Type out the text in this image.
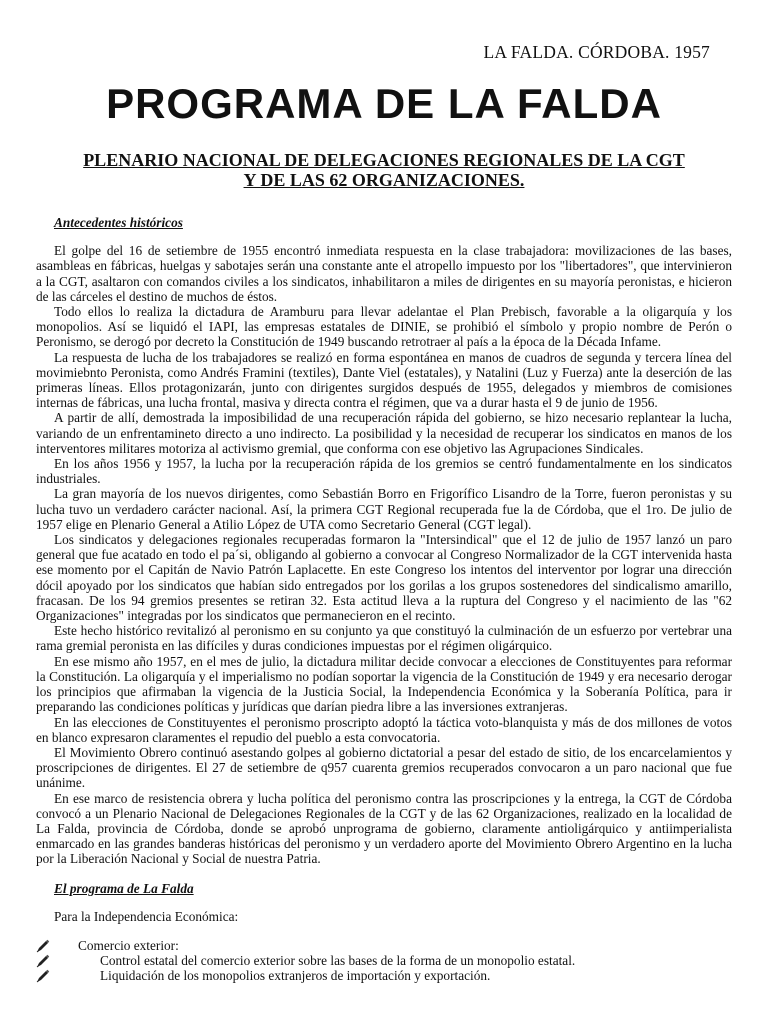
LA FALDA. CÓRDOBA. 1957
PROGRAMA DE LA FALDA
PLENARIO NACIONAL DE DELEGACIONES REGIONALES DE LA CGT
Y DE LAS 62 ORGANIZACIONES.
Antecedentes históricos

El golpe del 16 de setiembre de 1955 encontró inmediata respuesta en la clase trabajadora: movilizaciones de las bases, asambleas en fábricas, huelgas y sabotajes serán una constante ante el atropello impuesto por los "libertadores", que intervinieron a la CGT, asaltaron con comandos civiles a los sindicatos, inhabilitaron a miles de dirigentes en su mayoría peronistas, e hicieron de las cárceles el destino de muchos de éstos.

Todo ellos lo realiza la dictadura de Aramburu para llevar adelantae el Plan Prebisch, favorable a la oligarquía y los monopolios. Así se liquidó el IAPI, las empresas estatales de DINIE, se prohibió el símbolo y propio nombre de Perón o Peronismo, se derogó por decreto la Constitución de 1949 buscando retrotraer al país a la época de la Década Infame.

La respuesta de lucha de los trabajadores se realizó en forma espontánea en manos de cuadros de segunda y tercera línea del movimiebnto Peronista, como Andrés Framini (textiles), Dante Viel (estatales), y Natalini (Luz y Fuerza) ante la deserción de las primeras líneas. Ellos protagonizarán, junto con dirigentes surgidos después de 1955, delegados y miembros de comisiones internas de fábricas, una lucha frontal, masiva y directa contra el régimen, que va a durar hasta el 9 de junio de 1956.

A partir de allí, demostrada la imposibilidad de una recuperación rápida del gobierno, se hizo necesario replantear la lucha, variando de un enfrentamineto directo a uno indirecto. La posibilidad y la necesidad de recuperar los sindicatos en manos de los interventores militares motoriza al activismo gremial, que conforma con ese objetivo las Agrupaciones Sindicales.

En los años 1956 y 1957, la lucha por la recuperación rápida de los gremios se centró fundamentalmente en los sindicatos industriales.

La gran mayoría de los nuevos dirigentes, como Sebastián Borro en Frigorífico Lisandro de la Torre, fueron peronistas y su lucha tuvo un verdadero carácter nacional. Así, la primera CGT Regional recuperada fue la de Córdoba, que el 1ro. De julio de 1957 elige en Plenario General a Atilio López de UTA como Secretario General (CGT legal).

Los sindicatos y delegaciones regionales recuperadas formaron la "Intersindical" que el 12 de julio de 1957 lanzó un paro general que fue acatado en todo el pa´si, obligando al gobierno a convocar al Congreso Normalizador de la CGT intervenida hasta ese momento por el Capitán de Navio Patrón Laplacette. En este Congreso los intentos del interventor por lograr una dirección dócil apoyado por los sindicatos que habían sido entregados por los gorilas a los grupos sostenedores del sindicalismo amarillo, fracasan. De los 94 gremios presentes se retiran 32. Esta actitud lleva a la ruptura del Congreso y el nacimiento de las "62 Organizaciones" integradas por los sindicatos que permanecieron en el recinto.

Este hecho histórico revitalizó al peronismo en su conjunto ya que constituyó la culminación de un esfuerzo por vertebrar una rama gremial peronista en las difíciles y duras condiciones impuestas por el régimen oligárquico.

En ese mismo año 1957, en el mes de julio, la dictadura militar decide convocar a elecciones de Constituyentes para reformar la Constitución. La oligarquía y el imperialismo no podían soportar la vigencia de la Constitución de 1949 y era necesario derogar los principios que afirmaban la vigencia de la Justicia Social, la Independencia Económica y la Soberanía Política, para ir preparando las condiciones políticas y jurídicas que darían piedra libre a las inversiones extranjeras.

En las elecciones de Constituyentes el peronismo proscripto adoptó la táctica voto-blanquista y más de dos millones de votos en blanco expresaron claramentes el repudio del pueblo a esta convocatoria.

El Movimiento Obrero continuó asestando golpes al gobierno dictatorial a pesar del estado de sitio, de los encarcelamientos y proscripciones de dirigentes. El 27 de setiembre de q957 cuarenta gremios recuperados convocaron a un paro nacional que fue unánime.

En ese marco de resistencia obrera y lucha política del peronismo contra las proscripciones y la entrega, la CGT de Córdoba convocó a un Plenario Nacional de Delegaciones Regionales de la CGT y de las 62 Organizaciones, realizado en la localidad de La Falda, provincia de Córdoba, donde se aprobó unprograma de gobierno, claramente antioligárquico y antiimperialista enmarcado en las grandes banderas históricas del peronismo y un verdadero aporte del Movimiento Obrero Argentino en la lucha por la Liberación Nacional y Social de nuestra Patria.

El programa de La Falda
Para la Independencia Económica:
Comercio exterior:
Control estatal del comercio exterior sobre las bases de la forma de un monopolio estatal.
Liquidación de los monopolios extranjeros de importación y exportación.
